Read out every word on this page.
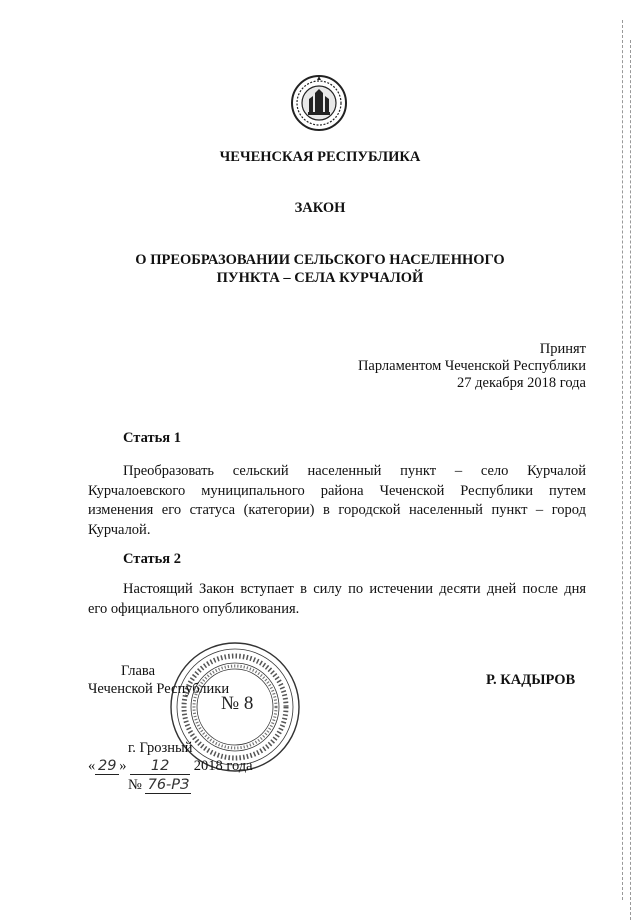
ЧЕЧЕНСКАЯ РЕСПУБЛИКА
ЗАКОН
О ПРЕОБРАЗОВАНИИ СЕЛЬСКОГО НАСЕЛЕННОГО
ПУНКТА – СЕЛА КУРЧАЛОЙ
Принят
Парламентом Чеченской Республики
27 декабря 2018 года
Статья 1
Преобразовать сельский населенный пункт – село Курчалой
Курчалоевского муниципального района Чеченской Республики путем
изменения его статуса (категории) в городской населенный пункт – город
Курчалой.
Статья 2
Настоящий Закон вступает в силу по истечении десяти дней после дня
его официального опубликования.
№ 8
Глава
Чеченской Республики
Р. КАДЫРОВ
г. Грозный
« 29 » 12 2018 года
№ 76-РЗ
